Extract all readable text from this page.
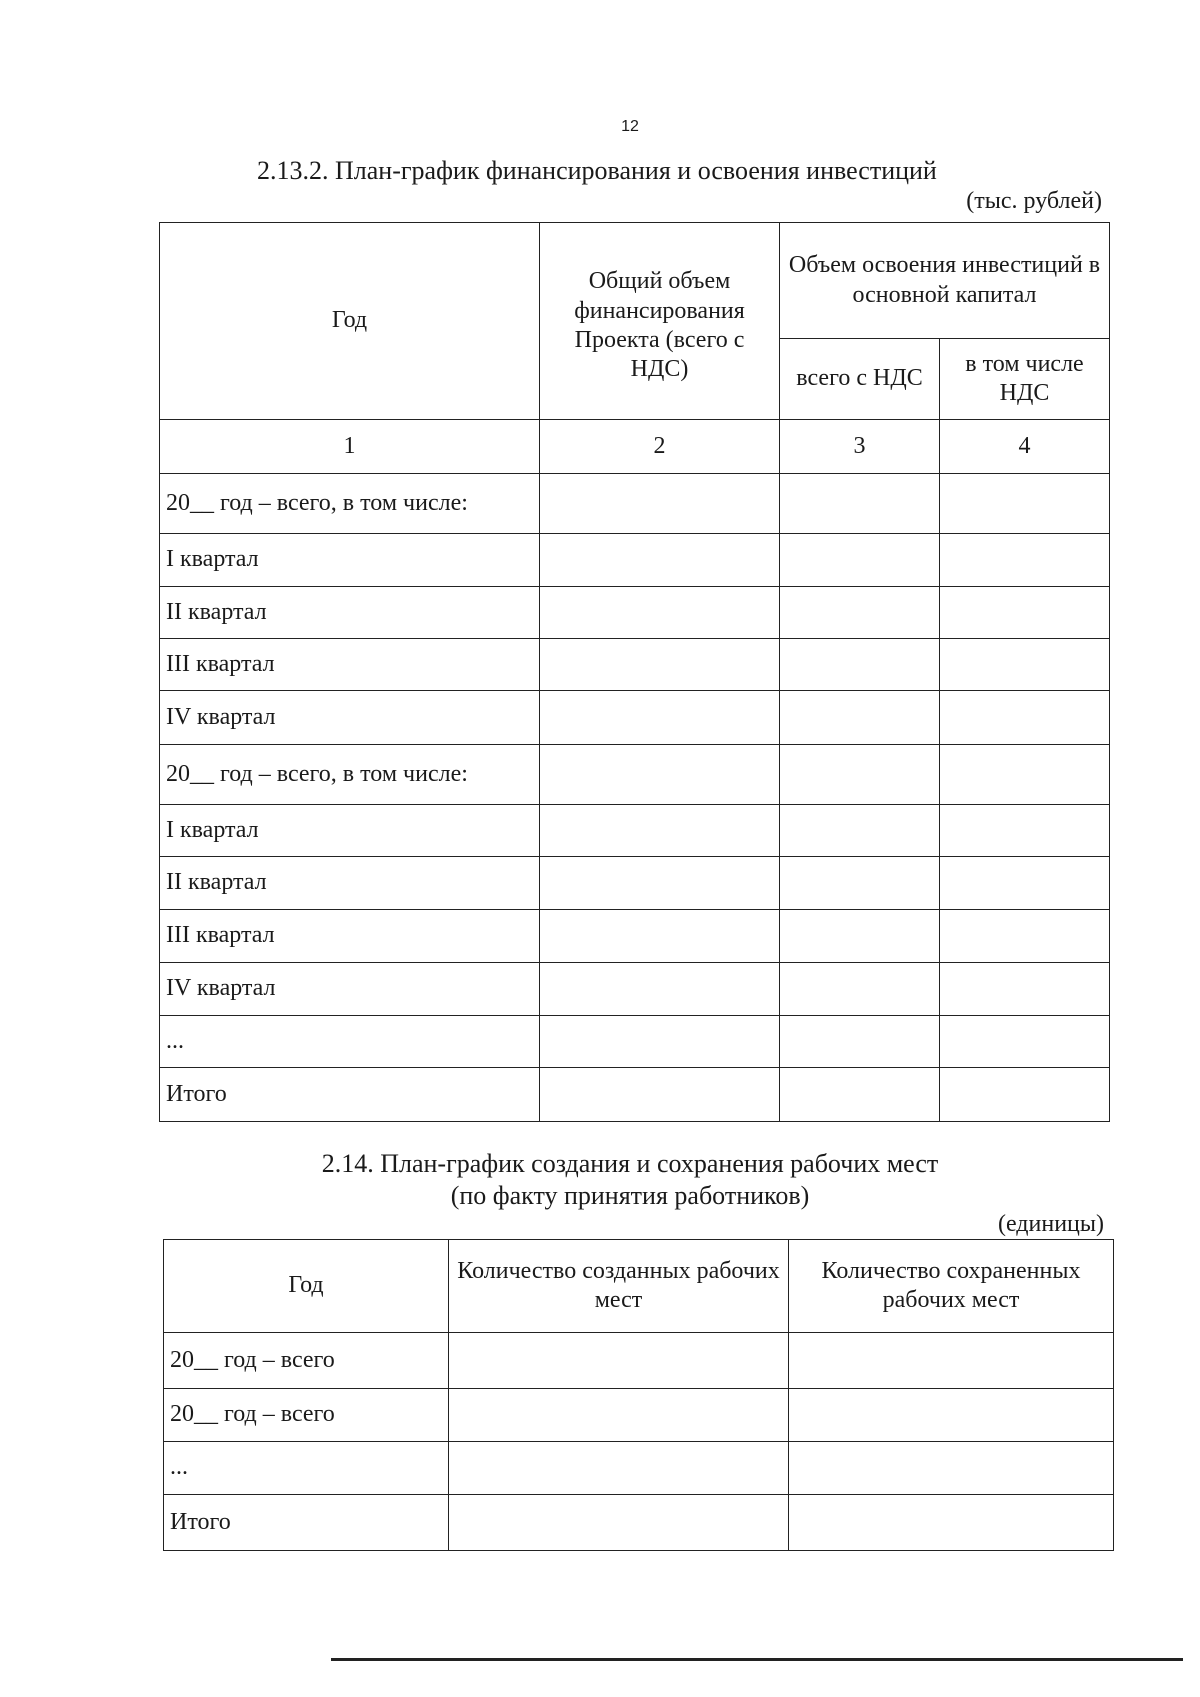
12
2.13.2. План-график финансирования и освоения инвестиций
(тыс. рублей)
Год	Общий объем финансирования Проекта (всего с НДС)	Объем освоения инвестиций в основной капитал	
		всего с НДС	в том числе НДС
1	2	3	4
20__ год – всего, в том числе:			
I квартал			
II квартал			
III квартал			
IV квартал			
20__ год – всего, в том числе:			
I квартал			
II квартал			
III квартал			
IV квартал			
...			
Итого			
2.14. План-график создания и сохранения рабочих мест
(по факту принятия работников)
(единицы)
Год	Количество созданных рабочих мест	Количество сохраненных рабочих мест
20__ год – всего		
20__ год – всего		
...		
Итого		
